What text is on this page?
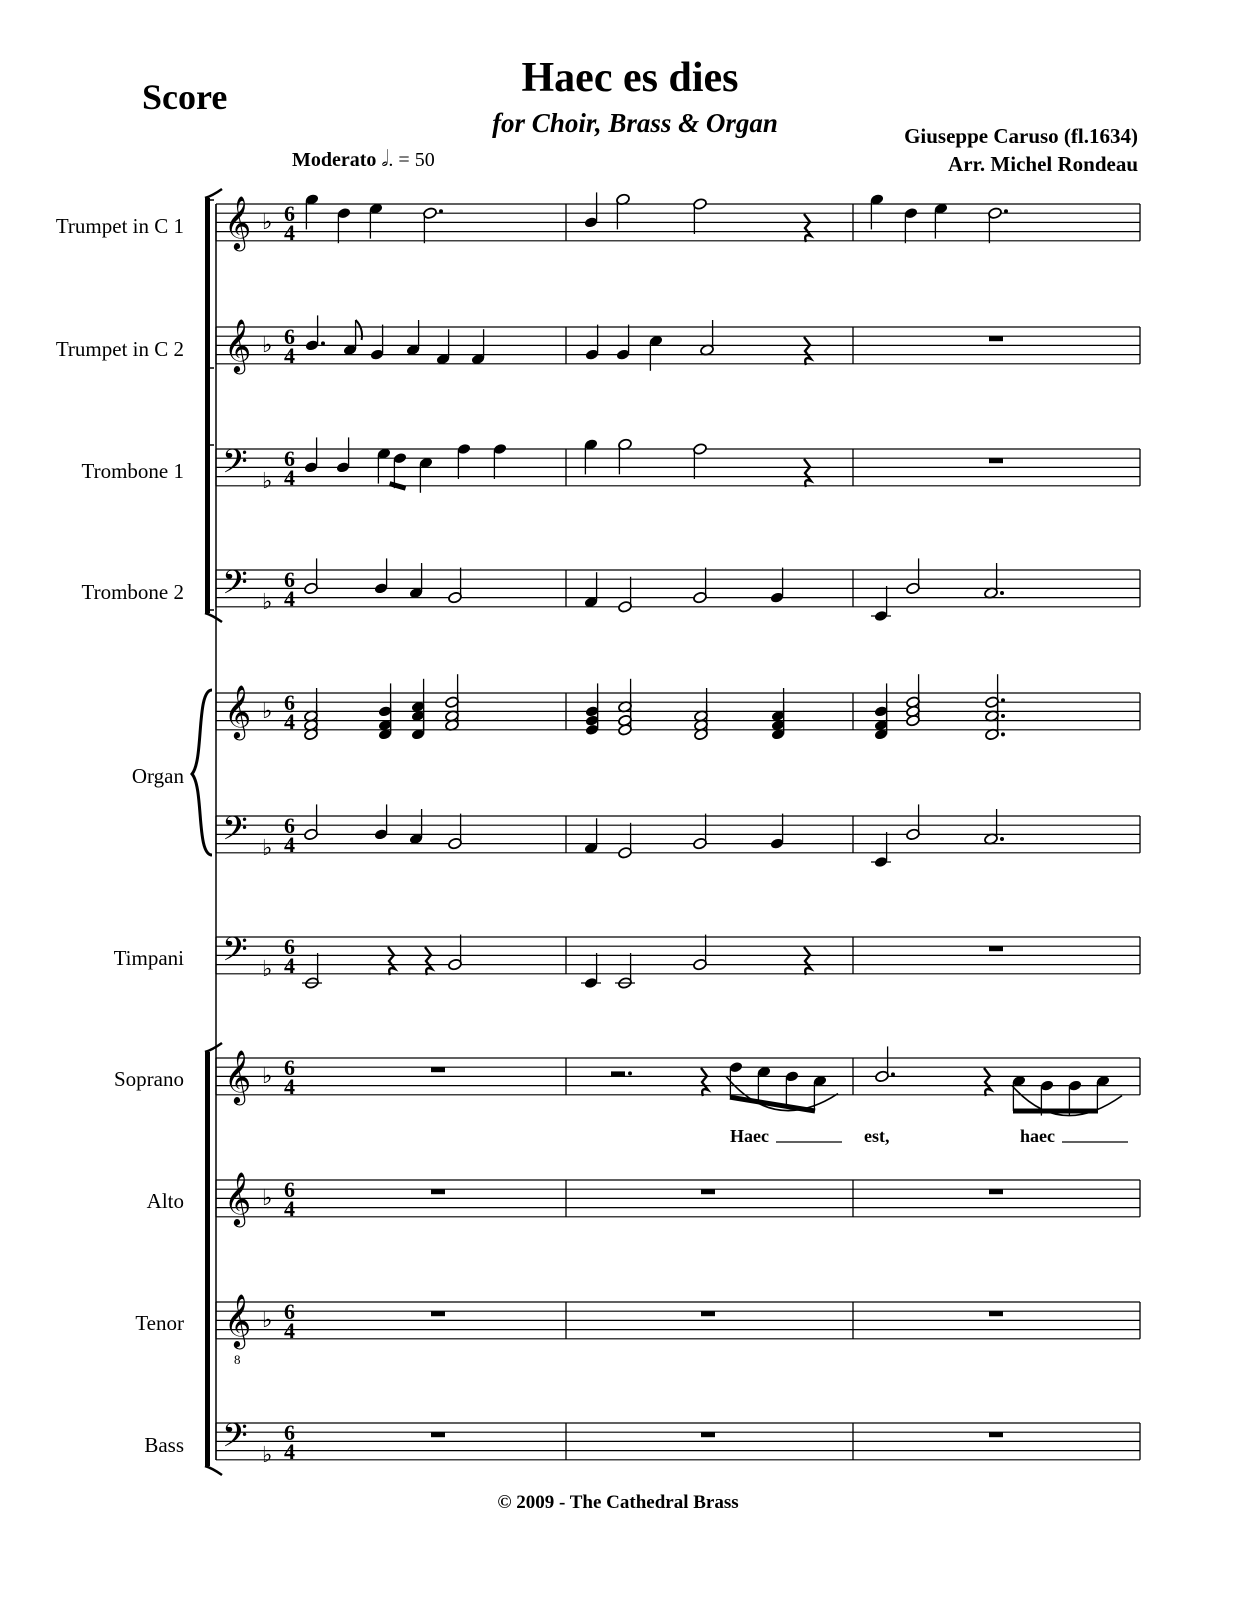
Score	Haec es dies
for Choir, Brass & Organ	Giuseppe Caruso (fl.1634)
Arr. Michel Rondeau
Moderato 𝅗𝅥. = 50
Trumpet in C 1
Trumpet in C 2
Trombone 1
Trombone 2
Organ
Timpani
Soprano
Alto
Tenor
Bass
Haec	est,	haec
© 2009 - The Cathedral Brass
𝄞 ♭ 6
4
𝄞 ♭ 6
4
𝄢 ♭
6
4
𝄢 ♭
6
4
𝄞 ♭ 6
4
𝄢 ♭
6
4
𝄢 ♭
6
4
𝄞 ♭ 6
4
𝄞 ♭ 6
4
𝄞
8
♭ 6
4
𝄢 ♭
6
4
